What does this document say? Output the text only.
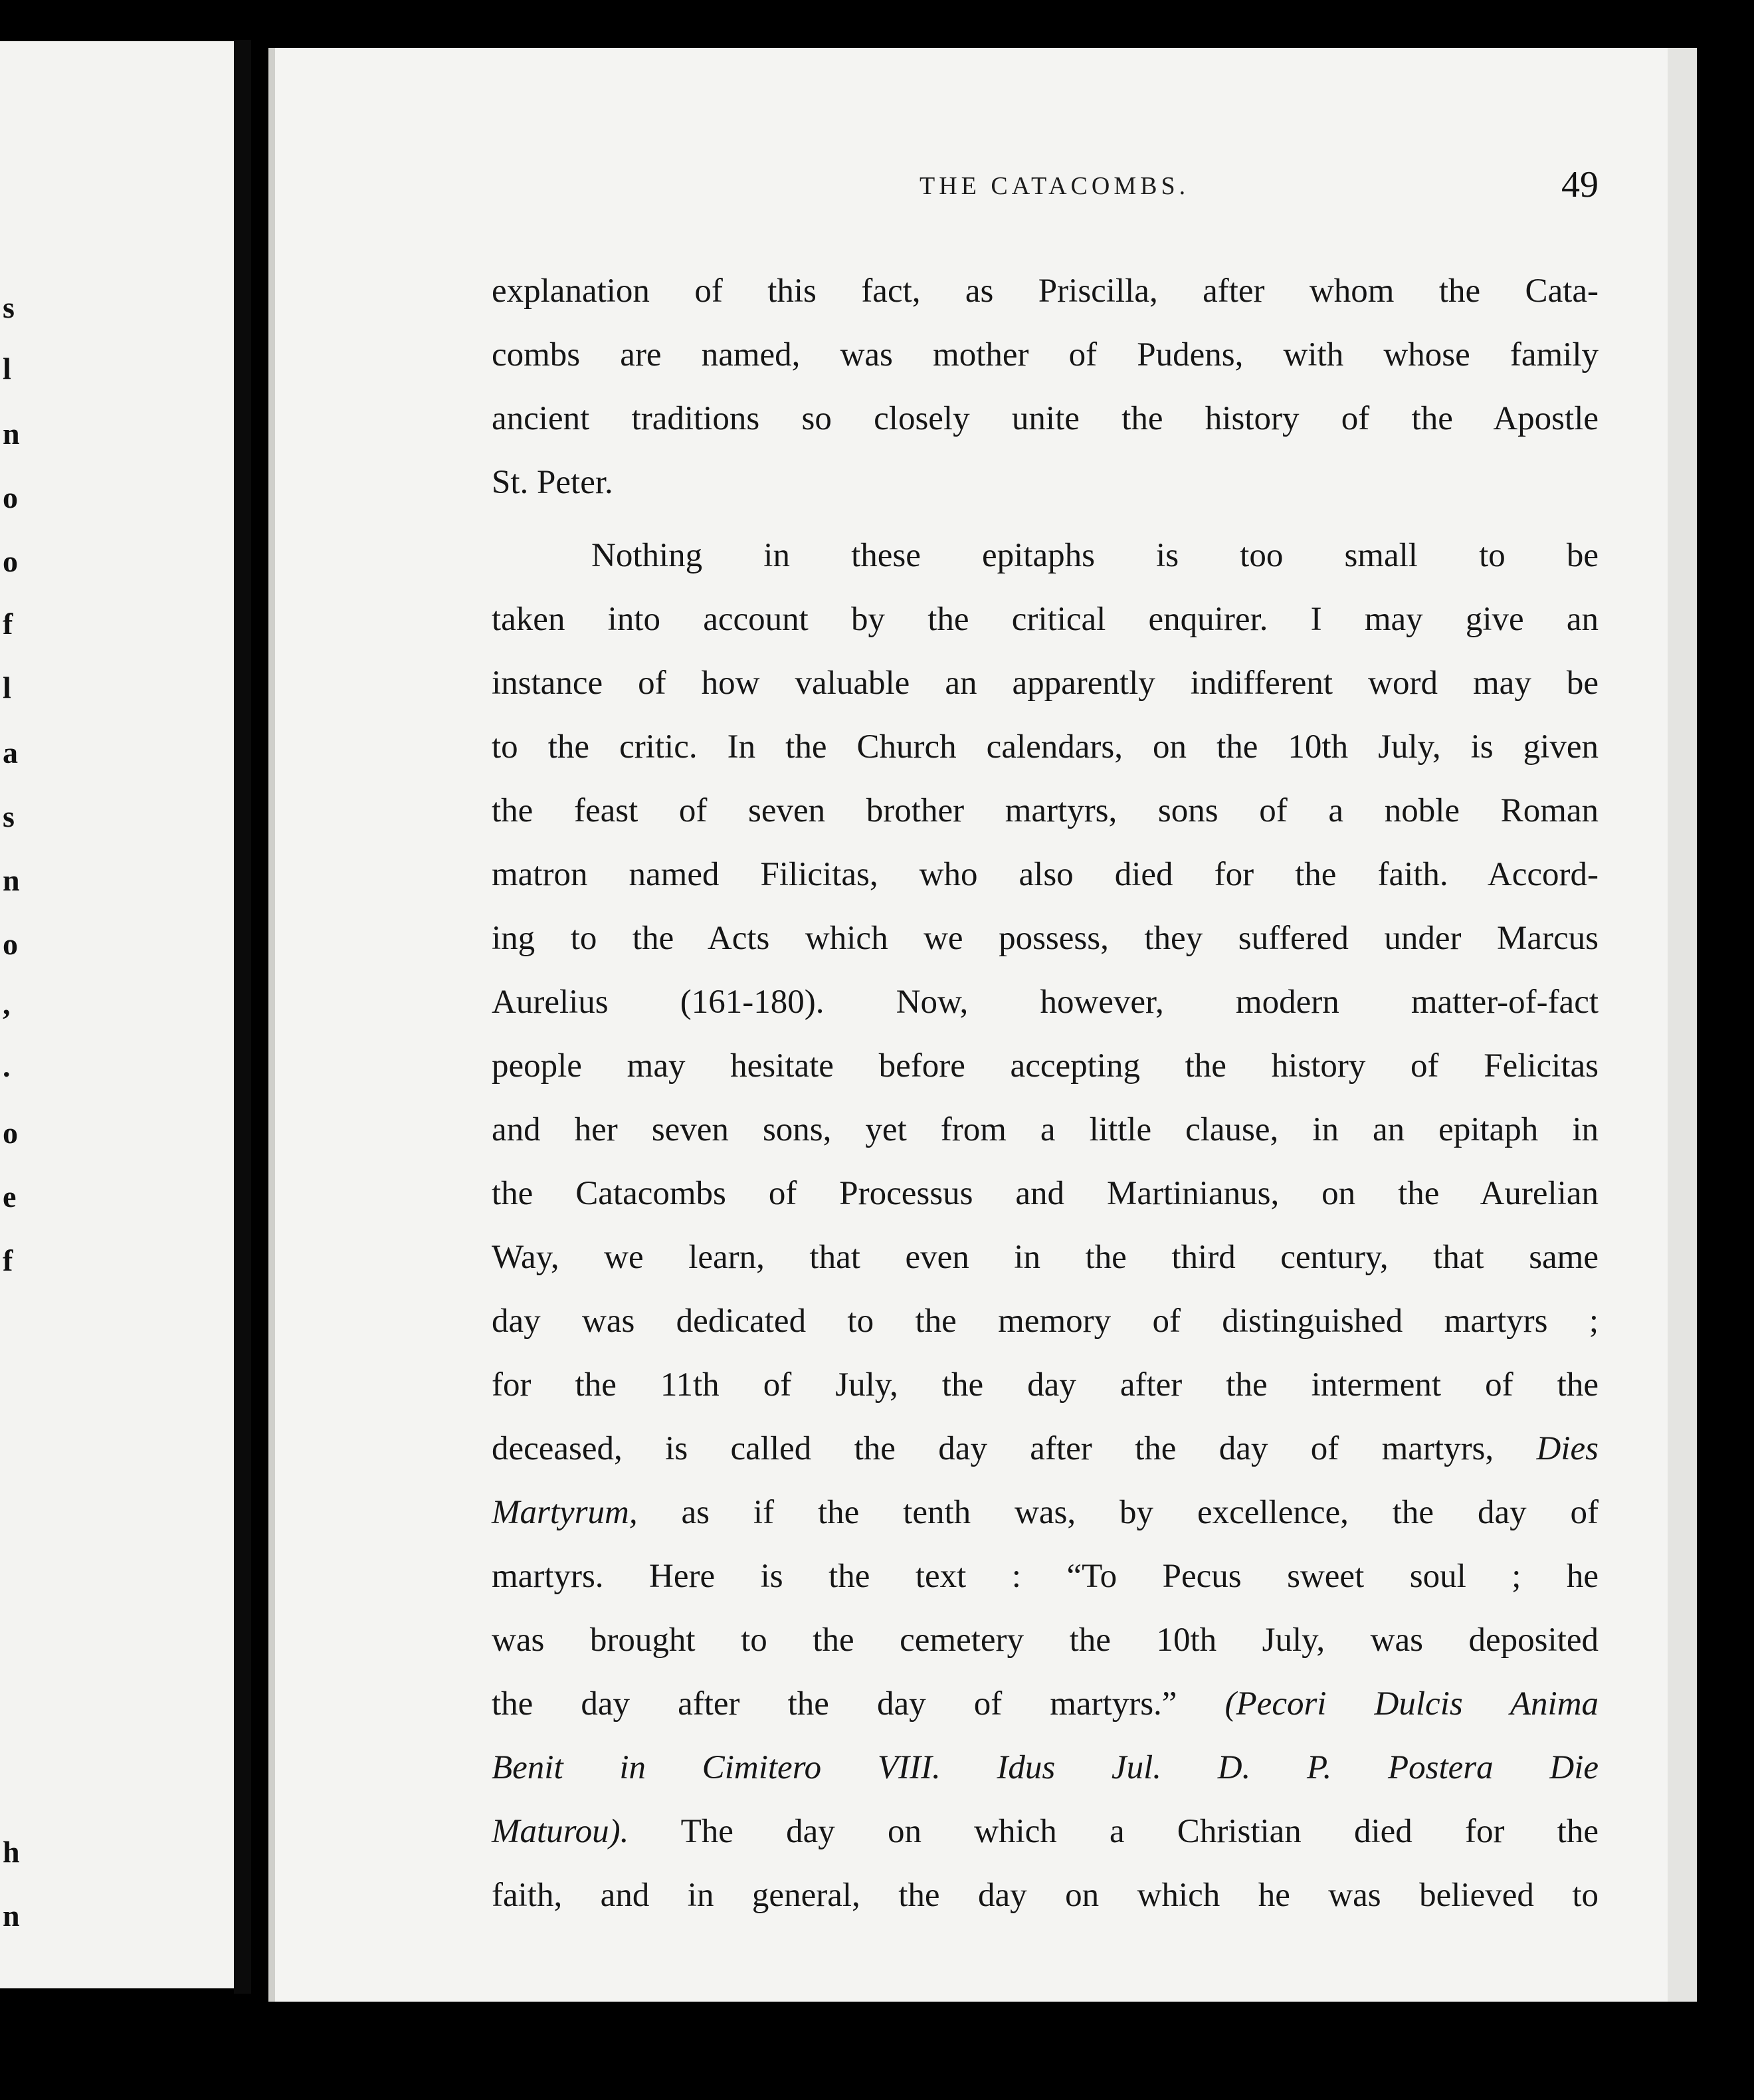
s
l
n
o
o
f
l
a
s
n
o
,
.
o
e
f
h
n
THE CATACOMBS.	49
explanation of this fact, as Priscilla, after whom the Cata-
combs are named, was mother of Pudens, with whose family
ancient traditions so closely unite the history of the Apostle
St. Peter.
Nothing in these epitaphs is too small to be
taken into account by the critical enquirer. I may give an
instance of how valuable an apparently indifferent word may be
to the critic. In the Church calendars, on the 10th July, is given
the feast of seven brother martyrs, sons of a noble Roman
matron named Filicitas, who also died for the faith. Accord-
ing to the Acts which we possess, they suffered under Marcus
Aurelius (161-180). Now, however, modern matter-of-fact
people may hesitate before accepting the history of Felicitas
and her seven sons, yet from a little clause, in an epitaph in
the Catacombs of Processus and Martinianus, on the Aurelian
Way, we learn, that even in the third century, that same
day was dedicated to the memory of distinguished martyrs ;
for the 11th of July, the day after the interment of the
deceased, is called the day after the day of martyrs, Dies
Martyrum, as if the tenth was, by excellence, the day of
martyrs. Here is the text : “To Pecus sweet soul ; he
was brought to the cemetery the 10th July, was deposited
the day after the day of martyrs.” (Pecori Dulcis Anima
Benit in Cimitero VIII. Idus Jul. D. P. Postera Die
Maturou). The day on which a Christian died for the
faith, and in general, the day on which he was believed to
